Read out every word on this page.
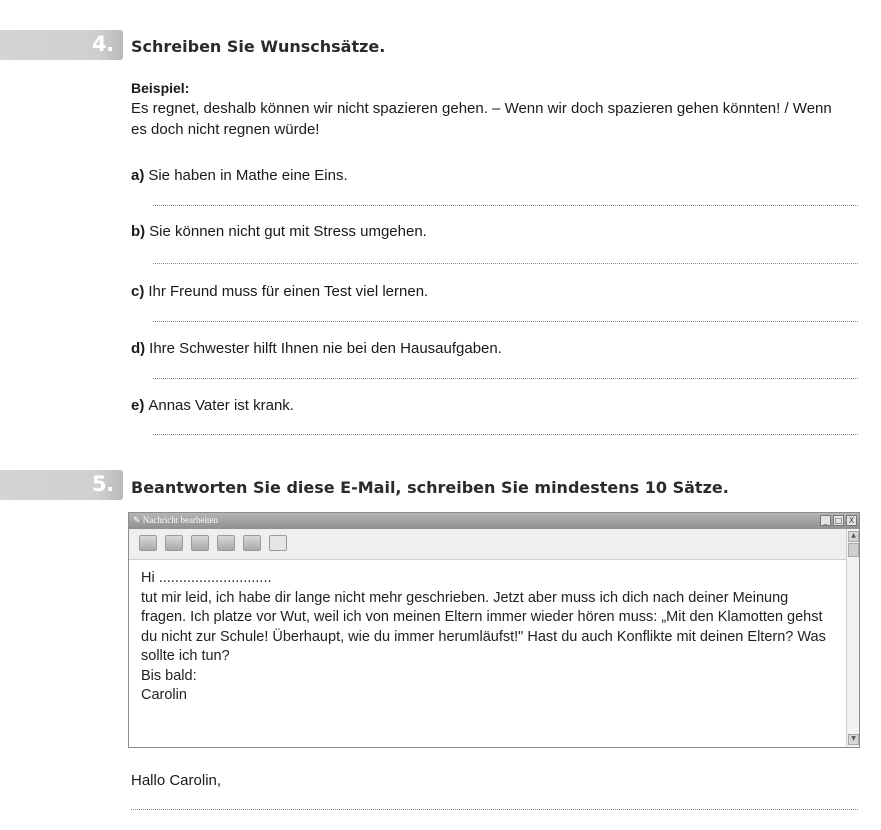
4. Schreiben Sie Wunschsätze.
Beispiel:
Es regnet, deshalb können wir nicht spazieren gehen. – Wenn wir doch spazieren gehen könnten! / Wenn es doch nicht regnen würde!
a) Sie haben in Mathe eine Eins.
b) Sie können nicht gut mit Stress umgehen.
c) Ihr Freund muss für einen Test viel lernen.
d) Ihre Schwester hilft Ihnen nie bei den Hausaufgaben.
e) Annas Vater ist krank.
5. Beantworten Sie diese E-Mail, schreiben Sie mindestens 10 Sätze.
✎ Nachricht bearbeiten	_ □ X
Hi ............................
tut mir leid, ich habe dir lange nicht mehr geschrieben. Jetzt aber muss ich dich nach deiner Meinung fragen. Ich platze vor Wut, weil ich von meinen Eltern immer wieder hören muss: „Mit den Klamotten gehst du nicht zur Schule! Überhaupt, wie du immer herumläufst!" Hast du auch Konflikte mit deinen Eltern? Was sollte ich tun?
Bis bald:
Carolin
▲
▼
Hallo Carolin,
